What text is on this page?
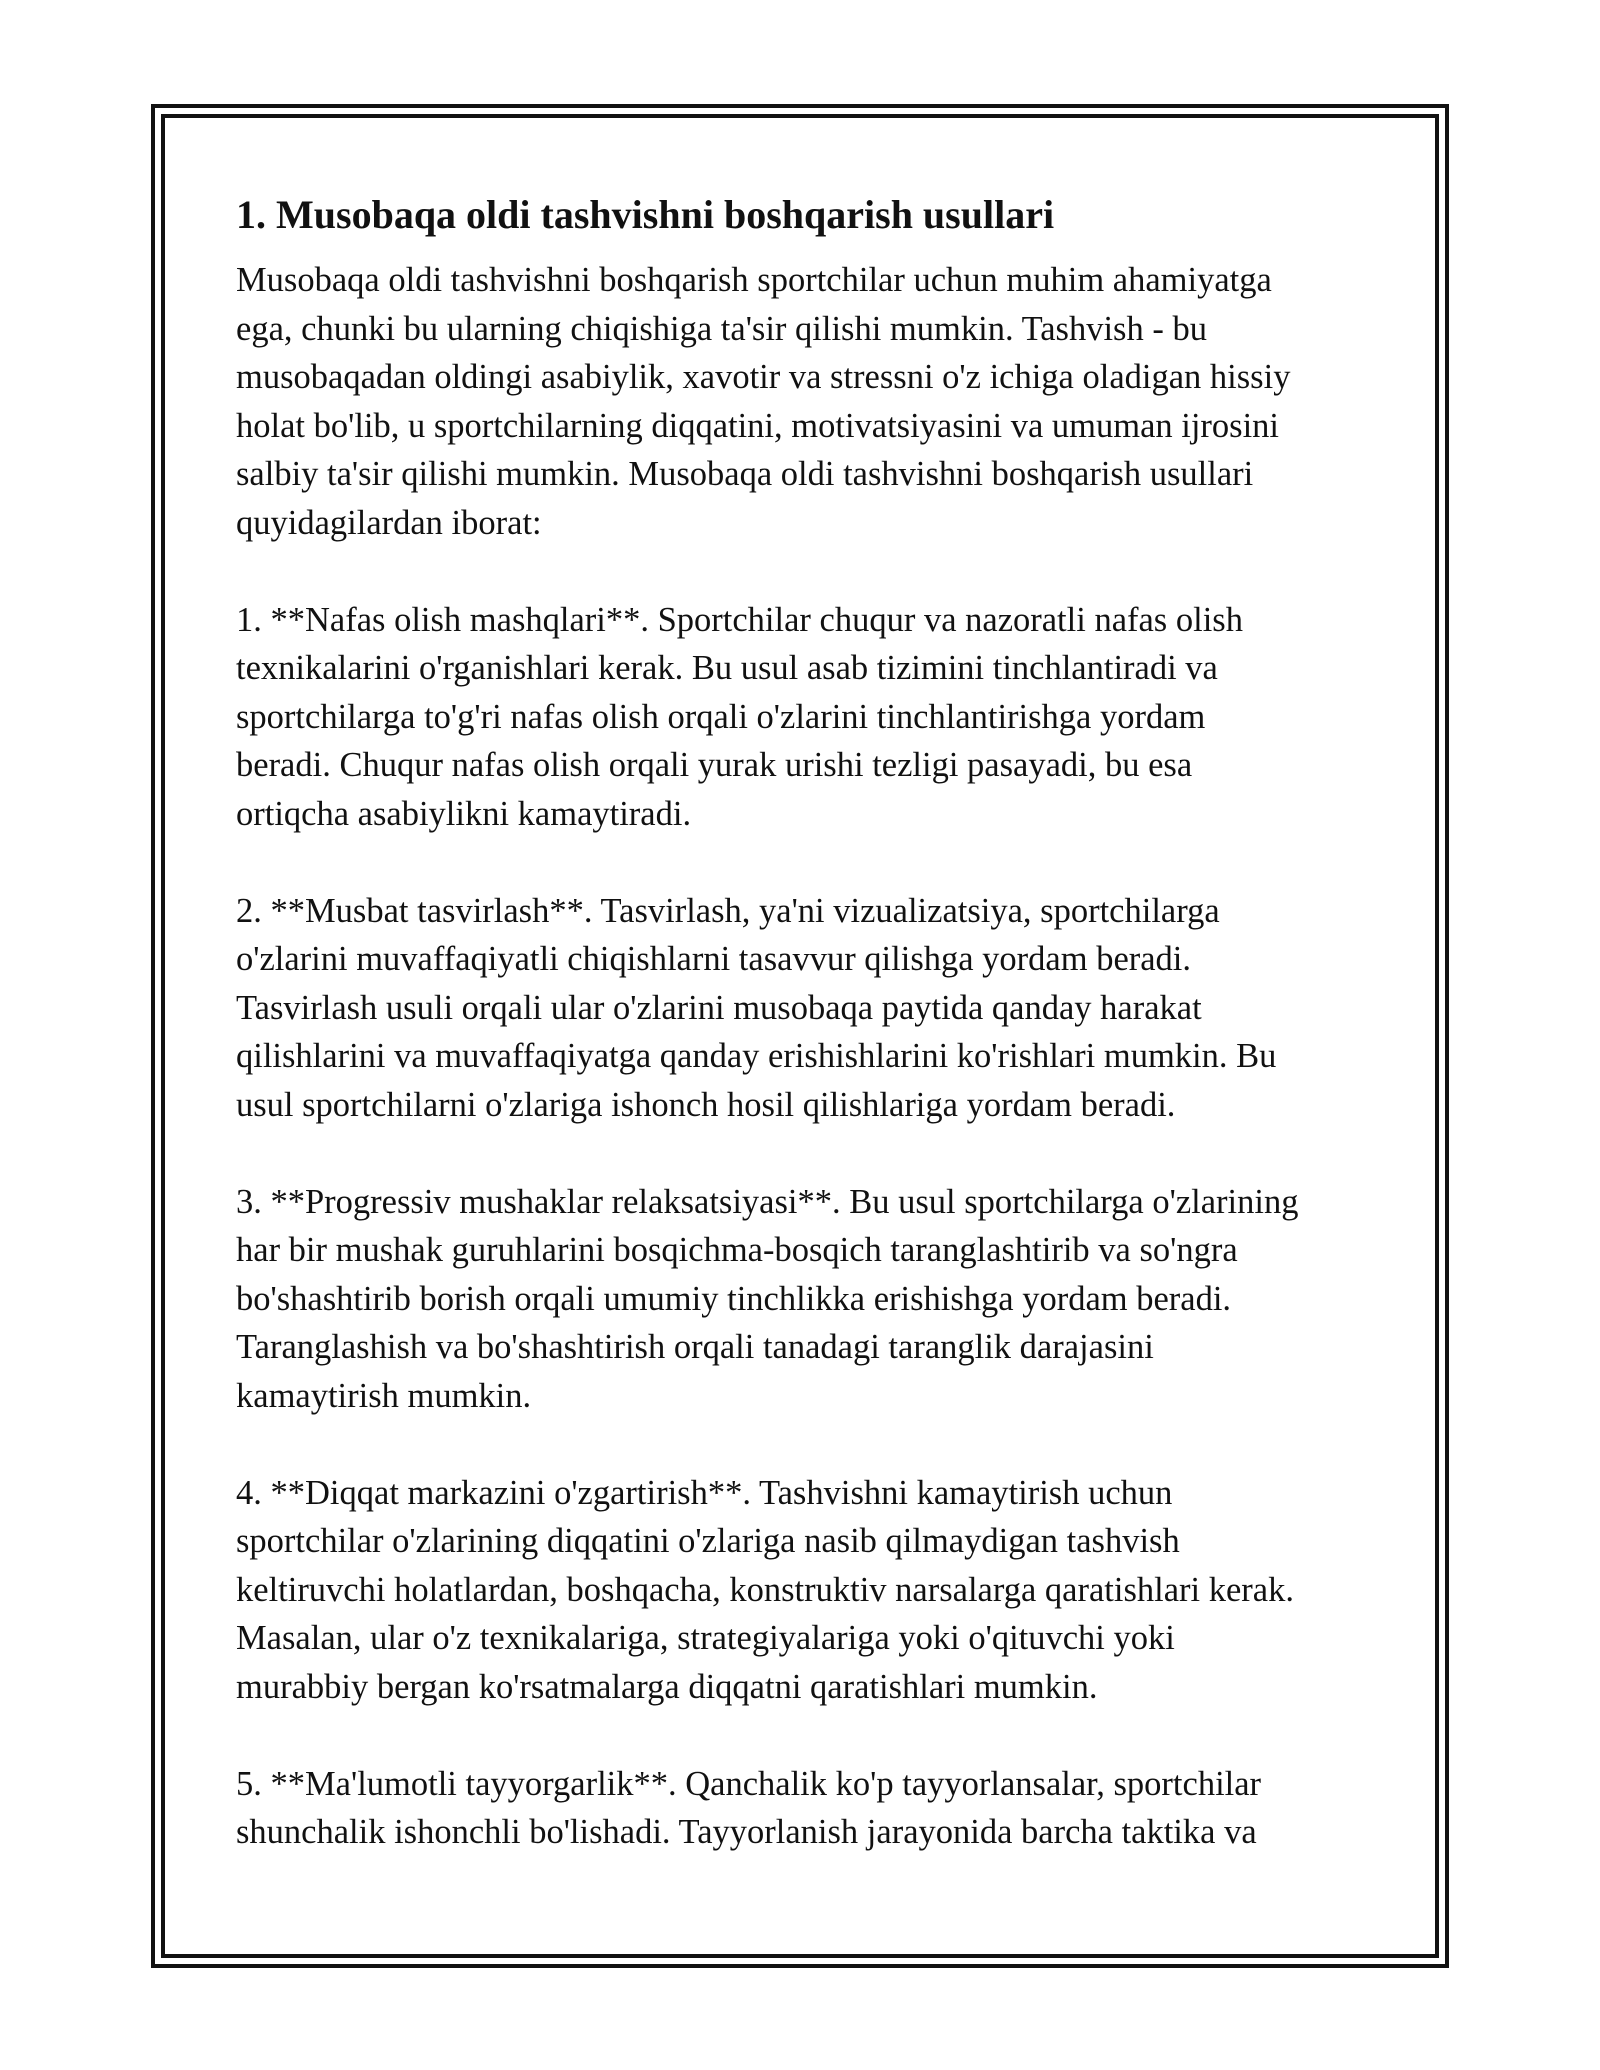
1. Musobaqa oldi tashvishni boshqarish usullari

Musobaqa oldi tashvishni boshqarish sportchilar uchun muhim ahamiyatga
ega, chunki bu ularning chiqishiga ta'sir qilishi mumkin. Tashvish - bu
musobaqadan oldingi asabiylik, xavotir va stressni o'z ichiga oladigan hissiy
holat bo'lib, u sportchilarning diqqatini, motivatsiyasini va umuman ijrosini
salbiy ta'sir qilishi mumkin. Musobaqa oldi tashvishni boshqarish usullari
quyidagilardan iborat:

1. **Nafas olish mashqlari**. Sportchilar chuqur va nazoratli nafas olish
texnikalarini o'rganishlari kerak. Bu usul asab tizimini tinchlantiradi va
sportchilarga to'g'ri nafas olish orqali o'zlarini tinchlantirishga yordam
beradi. Chuqur nafas olish orqali yurak urishi tezligi pasayadi, bu esa
ortiqcha asabiylikni kamaytiradi.

2. **Musbat tasvirlash**. Tasvirlash, ya'ni vizualizatsiya, sportchilarga
o'zlarini muvaffaqiyatli chiqishlarni tasavvur qilishga yordam beradi.
Tasvirlash usuli orqali ular o'zlarini musobaqa paytida qanday harakat
qilishlarini va muvaffaqiyatga qanday erishishlarini ko'rishlari mumkin. Bu
usul sportchilarni o'zlariga ishonch hosil qilishlariga yordam beradi.

3. **Progressiv mushaklar relaksatsiyasi**. Bu usul sportchilarga o'zlarining
har bir mushak guruhlarini bosqichma-bosqich taranglashtirib va so'ngra
bo'shashtirib borish orqali umumiy tinchlikka erishishga yordam beradi.
Taranglashish va bo'shashtirish orqali tanadagi taranglik darajasini
kamaytirish mumkin.

4. **Diqqat markazini o'zgartirish**. Tashvishni kamaytirish uchun
sportchilar o'zlarining diqqatini o'zlariga nasib qilmaydigan tashvish
keltiruvchi holatlardan, boshqacha, konstruktiv narsalarga qaratishlari kerak.
Masalan, ular o'z texnikalariga, strategiyalariga yoki o'qituvchi yoki
murabbiy bergan ko'rsatmalarga diqqatni qaratishlari mumkin.

5. **Ma'lumotli tayyorgarlik**. Qanchalik ko'p tayyorlansalar, sportchilar
shunchalik ishonchli bo'lishadi. Tayyorlanish jarayonida barcha taktika va
